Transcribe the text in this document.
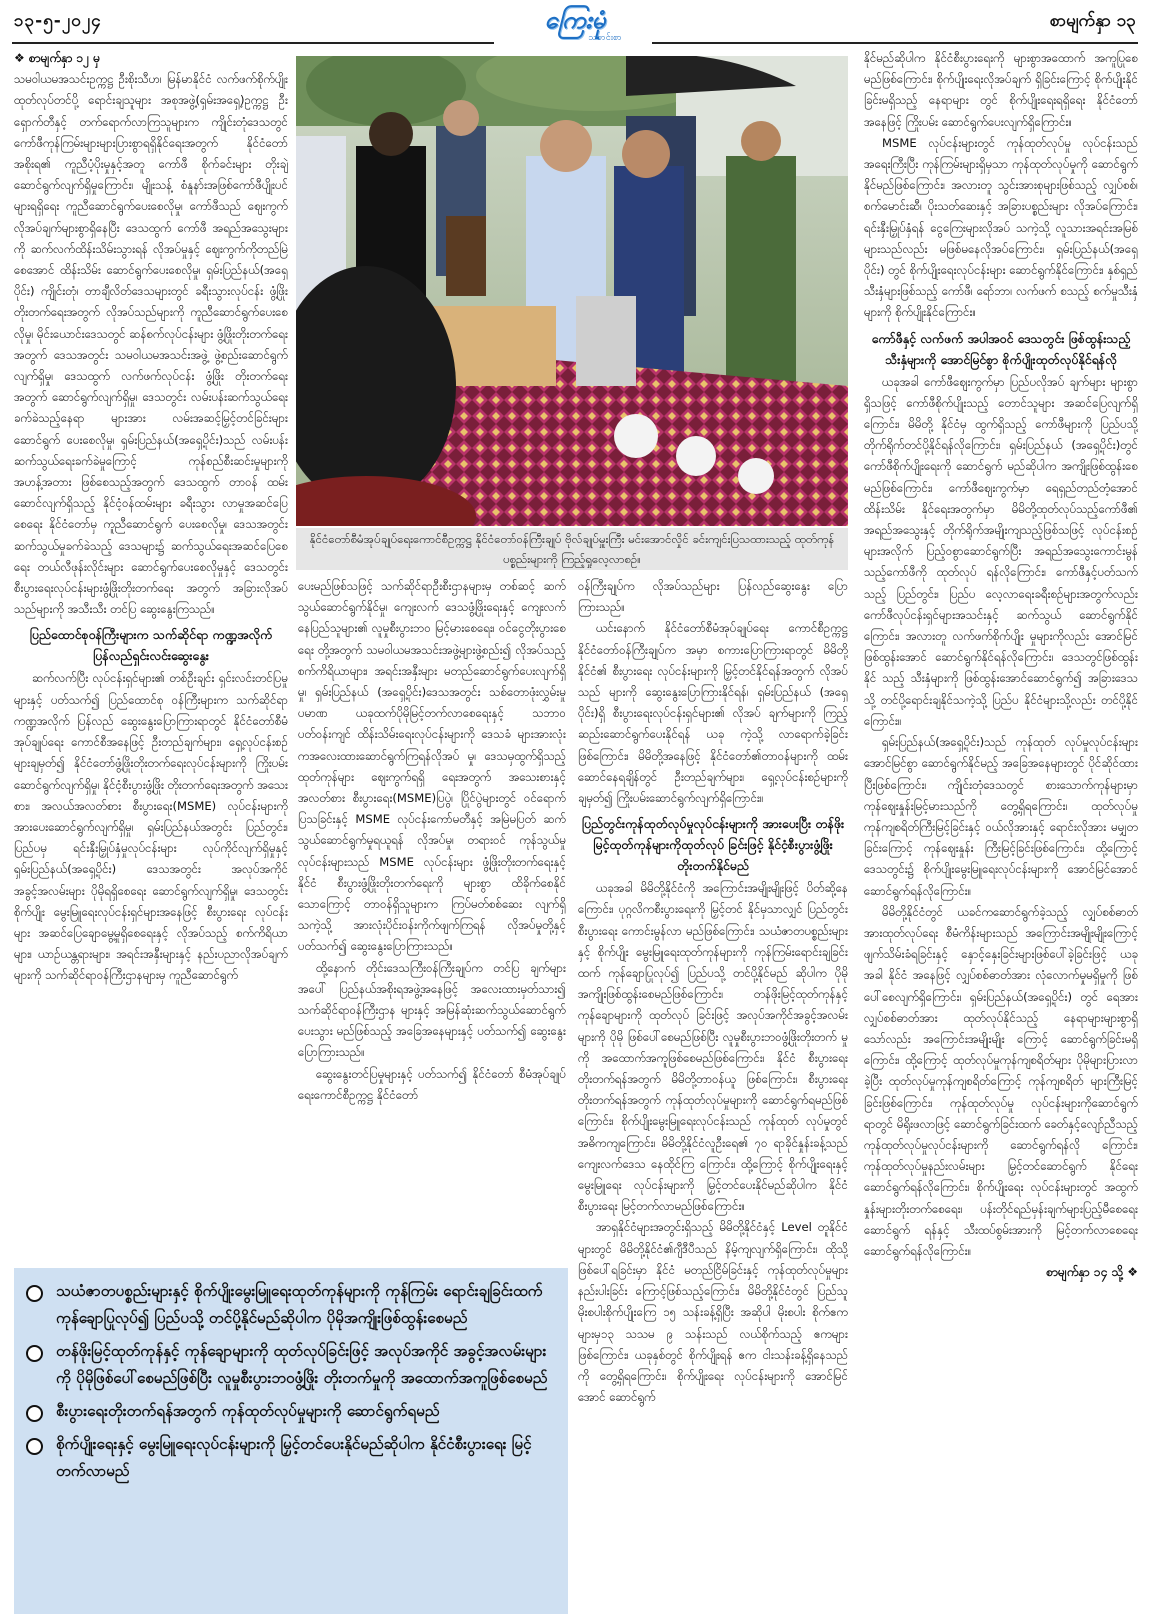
၁၃-၅-၂၀၂၄	ကြေးမုံ
သတင်းစာ
စာမျက်နှာ ၁၃
❖ စာမျက်နှာ ၁၂ မှ

သမဝါယမအသင်းဥက္ကဋ္ဌ ဦးစိုးသီဟ၊ မြန်မာနိုင်ငံ လက်ဖက်စိုက်ပျိုးထုတ်လုပ်တင်ပို့ ရောင်းချသူများ အစုအဖွဲ့(ရှမ်းအရှေ့)ဥက္ကဋ္ဌ ဦးရှောက်တီနှင့် တက်ရောက်လာကြသူများက ကျိုင်းတုံဒေသတွင် ကော်ဖီကုန်ကြမ်းများများပြားစွာရရှိနိုင်ရေးအတွက် နိုင်ငံတော်အစိုးရ၏ ကူညီပံ့ပိုးမှုနှင့်အတူ ကော်ဖီ စိုက်ခင်းများ တိုးချဲ့ဆောင်ရွက်လျက်ရှိမှုကြောင်း၊ မျိုးသန့် စံနူနာ်းအဖြစ်ကော်ဖီပျိုးပင်များရရှိရေး ကူညီဆောင်ရွက်ပေးစေလိုမှု၊ ကော်ဖီသည် ဈေးကွက် လိုအပ်ချက်များစွာရှိနေပြီး ဒေသထွက် ကော်ဖီ အရည်အသွေးများကို ဆက်လက်ထိန်းသိမ်းသွားရန် လိုအပ်မှုနှင့် ဈေးကွက်ကိုတည်မြဲစေအောင် ထိန်းသိမ်း ဆောင်ရွက်ပေးစေလိုမှု၊ ရှမ်းပြည်နယ်(အရှေ့ပိုင်း) ကျိုင်းတုံ၊ တာချီလိတ်ဒေသများတွင် ခရီးသွားလုပ်ငန်း ဖွံ့ဖြိုးတိုးတက်ရေးအတွက် လိုအပ်သည်များကို ကူညီဆောင်ရွက်ပေးစေလိုမှု၊ မိုင်းယောင်းဒေသတွင် ဆန်စက်လုပ်ငန်းများ ဖွံ့ဖြိုးတိုးတက်ရေးအတွက် ဒေသအတွင်း သမဝါယမအသင်းအဖွဲ့ ဖွဲ့စည်းဆောင်ရွက်လျက်ရှိမှု၊ ဒေသထွက် လက်ဖက်လုပ်ငန်း ဖွံ့ဖြိုး တိုးတက်ရေးအတွက် ဆောင်ရွက်လျက်ရှိမှု၊ ဒေသတွင်း လမ်းပန်းဆက်သွယ်ရေး ခက်ခဲသည့်နေရာ များအား လမ်းအဆင့်မြှင့်တင်ခြင်းများ ဆောင်ရွက် ပေးစေလိုမှု၊ ရှမ်းပြည်နယ်(အရှေ့ပိုင်း)သည် လမ်းပန်း ဆက်သွယ်ရေးခက်ခဲမှုကြောင့် ကုန်စည်စီးဆင်းမှုများကို အဟန့်အတား ဖြစ်စေသည့်အတွက် ဒေသထွက် တာဝန် ထမ်းဆောင်လျက်ရှိသည့် နိုင်ငံ့ဝန်ထမ်းများ ခရီးသွား လာမှုအဆင်ပြေစေရေး နိုင်ငံတော်မှ ကူညီဆောင်ရွက် ပေးစေလိုမှု၊ ဒေသအတွင်း ဆက်သွယ်မှုခက်ခဲသည့် ဒေသများ၌ ဆက်သွယ်ရေးအဆင်ပြေစေရေး တယ်လီဖုန်းလိုင်းများ ဆောင်ရွက်ပေးစေလိုမှုနှင့် ဒေသတွင်း စီးပွားရေးလုပ်ငန်းများဖွံ့ဖြိုးတိုးတက်ရေး အတွက် အခြားလိုအပ်သည်များကို အသီးသီး တင်ပြ ဆွေးနွေးကြသည်။

ပြည်ထောင်စုဝန်ကြီးများက သက်ဆိုင်ရာ ကဏ္ဍအလိုက် ပြန်လည်ရှင်းလင်းဆွေးနွေး

ဆက်လက်ပြီး လုပ်ငန်းရှင်များ၏ တစ်ဦးချင်း ရှင်းလင်းတင်ပြမှုများနှင့် ပတ်သက်၍ ပြည်ထောင်စု ဝန်ကြီးများက သက်ဆိုင်ရာကဏ္ဍအလိုက် ပြန်လည် ဆွေးနွေးပြောကြားရာတွင် နိုင်ငံတော်စီမံအုပ်ချုပ်ရေး ကောင်စီအနေဖြင့် ဦးတည်ချက်များ၊ ရှေ့လုပ်ငန်းစဉ် များချမှတ်၍ နိုင်ငံတော်ဖွံ့ဖြိုးတိုးတက်ရေးလုပ်ငန်းများကို ကြိုးပမ်းဆောင်ရွက်လျက်ရှိမှု၊ နိုင်ငံ့စီးပွားဖွံ့ဖြိုး တိုးတက်ရေးအတွက် အသေးစား၊ အလယ်အလတ်စား စီးပွားရေး(MSME) လုပ်ငန်းများကို အားပေးဆောင်ရွက်လျက်ရှိမှု၊ ရှမ်းပြည်နယ်အတွင်း ပြည်တွင်း၊ ပြည်ပမှ ရင်းနှီးမြှုပ်နှံမှုလုပ်ငန်းများ လုပ်ကိုင်လျက်ရှိမှုနှင့် ရှမ်းပြည်နယ်(အရှေ့ပိုင်း) ဒေသအတွင်း အလုပ်အကိုင်အခွင့်အလမ်းများ ပိုမိုရရှိစေရေး ဆောင်ရွက်လျက်ရှိမှု၊ ဒေသတွင်း စိုက်ပျိုး မွေးမြူရေးလုပ်ငန်းရှင်များအနေဖြင့် စီးပွားရေး လုပ်ငန်းများ အဆင်ပြေချောမွေ့မှုရှိစေရေးနှင့် လိုအပ်သည့် စက်ကိရိယာများ၊ ယာဉ်ယန္တရားများ၊ အရင်းအနှီးများနှင့် နည်းပညာလိုအပ်ချက်များကို သက်ဆိုင်ရာဝန်ကြီးဌာနများမှ ကူညီဆောင်ရွက်

နိုင်ငံတော်စီမံအုပ်ချုပ်ရေးကောင်စီဥက္ကဋ္ဌ နိုင်ငံတော်ဝန်ကြီးချုပ် ဗိုလ်ချုပ်မှူးကြီး မင်းအောင်လှိုင် ခင်းကျင်းပြသထားသည့် ထုတ်ကုန်ပစ္စည်းများကို ကြည့်ရှုလေ့လာစဉ်။

ပေးမည်ဖြစ်သဖြင့် သက်ဆိုင်ရာဦးစီးဌာနများမှ တစ်ဆင့် ဆက်သွယ်ဆောင်ရွက်နိုင်မှု၊ ကျေးလက် ဒေသဖွံ့ဖြိုးရေးနှင့် ကျေးလက်နေပြည်သူများ၏ လူမှုစီးပွားဘဝ မြင့်မားစေရေး၊ ဝင်ငွေတိုးပွားစေရေး တို့အတွက် သမဝါယမအသင်းအဖွဲ့များဖွဲ့စည်း၍ လိုအပ်သည့် စက်ကိရိယာများ၊ အရင်းအနှီးများ မတည်ဆောင်ရွက်ပေးလျက်ရှိမှု၊ ရှမ်းပြည်နယ် (အရှေ့ပိုင်း)ဒေသအတွင်း သစ်တောဖုံးလွှမ်းမှုပမာဏ ယခုထက်ပိုမိုမြင့်တက်လာစေရေးနှင့် သဘာဝ ပတ်ဝန်းကျင် ထိန်းသိမ်းရေးလုပ်ငန်းများကို ဒေသခံ များအားလုံးကအလေးထားဆောင်ရွက်ကြရန်လိုအပ် မှု၊ ဒေသမှထွက်ရှိသည့်ထုတ်ကုန်များ ဈေးကွက်ရရှိ ရေးအတွက် အသေးစားနှင့် အလတ်စား စီးပွားရေး(MSME)ပြပွဲ၊ ပြိုင်ပွဲများတွင် ဝင်ရောက် ပြသခြင်းနှင့် MSME လုပ်ငန်းကော်မတီနှင့် အမြဲမပြတ် ဆက်သွယ်ဆောင်ရွက်မှုရယူရန် လိုအပ်မှု၊ တရားဝင် ကုန်သွယ်မှုလုပ်ငန်းများသည် MSME လုပ်ငန်းများ ဖွံ့ဖြိုးတိုးတက်ရေးနှင့် နိုင်ငံ စီးပွားဖွံ့ဖြိုးတိုးတက်ရေးကို များစွာ ထိခိုက်စေနိုင် သောကြောင့် တာဝန်ရှိသူများက ကြပ်မတ်စစ်ဆေး လျက်ရှိသကဲ့သို့ အားလုံးပိုင်းဝန်းကိုက်ဖျက်ကြရန် လိုအပ်မှုတို့နှင့် ပတ်သက်၍ ဆွေးနွေးပြောကြားသည်။

ထို့နောက် တိုင်းဒေသကြီးဝန်ကြီးချုပ်က တင်ပြ ချက်များအပေါ် ပြည်နယ်အစိုးရအဖွဲ့အနေဖြင့် အလေးထားမှတ်သား၍ သက်ဆိုင်ရာဝန်ကြီးဌာန များနှင့် အမြန်ဆုံးဆက်သွယ်ဆောင်ရွက်ပေးသွား မည်ဖြစ်သည့် အခြေအနေများနှင့် ပတ်သက်၍ ဆွေးနွေးပြောကြားသည်။

ဆွေးနွေးတင်ပြမှုများနှင့် ပတ်သက်၍ နိုင်ငံတော် စီမံအုပ်ချုပ်ရေးကောင်စီဥက္ကဋ္ဌ နိုင်ငံတော်

ဝန်ကြီးချုပ်က လိုအပ်သည်များ ပြန်လည်ဆွေးနွေး ပြောကြားသည်။

ယင်းနောက် နိုင်ငံတော်စီမံအုပ်ချုပ်ရေး ကောင်စီဥက္ကဋ္ဌ နိုင်ငံတော်ဝန်ကြီးချုပ်က အမှာ စကားပြောကြားရာတွင် မိမိတို့နိုင်ငံ၏ စီးပွားရေး လုပ်ငန်းများကို မြှင့်တင်နိုင်ရန်အတွက် လိုအပ်သည် များကို ဆွေးနွေးပြောကြားနိုင်ရန်၊ ရှမ်းပြည်နယ် (အရှေ့ပိုင်း)ရှိ စီးပွားရေးလုပ်ငန်းရှင်များ၏ လိုအပ် ချက်များကို ကြည့်ဆည်းဆောင်ရွက်ပေးနိုင်ရန် ယခု ကဲ့သို့ လာရောက်ခဲ့ခြင်းဖြစ်ကြောင်း၊ မိမိတို့အနေဖြင့် နိုင်ငံတော်၏တာဝန်များကို ထမ်းဆောင်နေရချိန်တွင် ဦးတည်ချက်များ၊ ရှေ့လုပ်ငန်းစဉ်များကိုချမှတ်၍ ကြိုးပမ်းဆောင်ရွက်လျက်ရှိကြောင်း။

ပြည်တွင်းကုန်ထုတ်လုပ်မှုလုပ်ငန်းများကို အားပေးပြီး တန်ဖိုးမြင့်ထုတ်ကုန်များကိုထုတ်လုပ် ခြင်းဖြင့် နိုင်ငံ့စီးပွားဖွံ့ဖြိုးတိုးတက်နိုင်မည်

ယခုအခါ မိမိတို့နိုင်ငံကို အကြောင်းအမျိုးမျိုးဖြင့် ပိတ်ဆို့နေကြောင်း၊ ပုဂ္ဂလိကစီးပွားရေးကို မြှင့်တင် နိုင်မှသာလျှင် ပြည်တွင်းစီးပွားရေး ကောင်းမွန်လာ မည်ဖြစ်ကြောင်း၊ သယံဇာတပစ္စည်းများနှင့် စိုက်ပျိုး မွေးမြူရေးထုတ်ကုန်များကို ကုန်ကြမ်းရောင်းချခြင်း ထက် ကုန်ချောပြုလုပ်၍ ပြည်ပသို့ တင်ပို့နိုင်မည် ဆိုပါက ပိုမိုအကျိုးဖြစ်ထွန်းစေမည်ဖြစ်ကြောင်း၊ တန်ဖိုးမြင့်ထုတ်ကုန်နှင့် ကုန်ချောများကို ထုတ်လုပ် ခြင်းဖြင့် အလုပ်အကိုင်အခွင့်အလမ်းများကို ပိုမို ဖြစ်ပေါ်စေမည်ဖြစ်ပြီး လူမှုစီးပွားဘဝဖွံ့ဖြိုးတိုးတက် မှုကို အထောက်အကူဖြစ်စေမည်ဖြစ်ကြောင်း၊ နိုင်ငံ စီးပွားရေးတိုးတက်ရန်အတွက် မိမိတို့တာဝန်ယူ ဖြစ်ကြောင်း၊ စီးပွားရေးတိုးတက်ရန်အတွက် ကုန်ထုတ်လုပ်မှုများကို ဆောင်ရွက်ရမည်ဖြစ် ကြောင်း၊ စိုက်ပျိုးမွေးမြူရေးလုပ်ငန်းသည် ကုန်ထုတ် လုပ်မှုတွင် အဓိကကျကြောင်း၊ မိမိတို့နိုင်ငံလူဦးရေ၏ ၇၀ ရာခိုင်နှုန်းခန့်သည် ကျေးလက်ဒေသ နေထိုင်ကြ ကြောင်း၊ ထို့ကြောင့် စိုက်ပျိုးရေးနှင့် မွေးမြူရေး လုပ်ငန်းများကို မြှင့်တင်ပေးနိုင်မည်ဆိုပါက နိုင်ငံ စီးပွားရေး မြင့်တက်လာမည်ဖြစ်ကြောင်း။

အာရှနိုင်ငံများအတွင်းရှိသည့် မိမိတို့နိုင်ငံနှင့် Level တူနိုင်ငံများတွင် မိမိတို့နိုင်ငံ၏ဂျီဒီပီသည် နိမ့်ကျလျက်ရှိကြောင်း၊ ထိုသို့ဖြစ်ပေါ်ရခြင်းမှာ နိုင်ငံ မတည်ငြိမ်ခြင်းနှင့် ကုန်ထုတ်လုပ်မှုများနည်းပါးခြင်း ကြောင့်ဖြစ်သည့်ကြောင်း၊ မိမိတို့နိုင်ငံတွင် ပြည်သူ မိုးစပါးစိုက်ပျိုးကြေ ၁၅ သန်းခန့်ရှိပြီး အဆိုပါ မိုးစပါး စိုက်ဧကများမှ၁၃ သသမ ၉ သန်းသည် လယ်စိုက်သည့် ဧကများဖြစ်ကြောင်း၊ ယခုနှစ်တွင် စိုက်ပျိုးရန် ဧက ငါးသန်းခန့်ရှိနေသည်ကို တွေ့ရှိရကြောင်း၊ စိုက်ပျိုးရေး လုပ်ငန်းများကို အောင်မြင်အောင် ဆောင်ရွက်

နိုင်မည်ဆိုပါက နိုင်ငံစီးပွားရေးကို များစွာအထောက် အကူပြုစေမည်ဖြစ်ကြောင်း၊ စိုက်ပျိုးရေးလိုအပ်ချက် ရှိခြင်းကြောင့် စိုက်ပျိုးနိုင်ခြင်းမရှိသည့် နေရာများ တွင် စိုက်ပျိုးရေးရရှိရေး နိုင်ငံတော်အနေဖြင့် ကြိုးပမ်း ဆောင်ရွက်ပေးလျက်ရှိကြောင်း။

MSME လုပ်ငန်းများတွင် ကုန်ထုတ်လုပ်မှု လုပ်ငန်းသည် အရေးကြီးပြီး ကုန်ကြမ်းများရှိမှသာ ကုန်ထုတ်လုပ်မှုကို ဆောင်ရွက်နိုင်မည်ဖြစ်ကြောင်း၊ အလားတူ သွင်းအားစုများဖြစ်သည့် လျှပ်စစ်၊ စက်မောင်းဆီ၊ ပိုးသတ်ဆေးနှင့် အခြားပစ္စည်းများ လိုအပ်ကြောင်း၊ ရင်းနှီးမြှုပ်နှံရန် ငွေကြေးများလိုအပ် သကဲ့သို့ လူသားအရင်းအမြစ်များသည်လည်း မဖြစ်မနေလိုအပ်ကြောင်း၊ ရှမ်းပြည်နယ်(အရှေ့ပိုင်း) တွင် စိုက်ပျိုးရေးလုပ်ငန်းများ ဆောင်ရွက်နိုင်ကြောင်း၊ နှစ်ရှည်သီးနှံများဖြစ်သည့် ကော်ဖီ၊ ရော်ဘာ၊ လက်ဖက် စသည့် စက်မှုသီးနှံများကို စိုက်ပျိုးနိုင်ကြောင်း။

ကော်ဖီနှင့် လက်ဖက် အပါအဝင် ဒေသတွင်း ဖြစ်ထွန်းသည့်သီးနှံများကို အောင်မြင်စွာ စိုက်ပျိုးထုတ်လုပ်နိုင်ရန်လို

ယခုအခါ ကော်ဖီဈေးကွက်မှာ ပြည်ပလိုအပ် ချက်များ များစွာရှိသဖြင့် ကော်ဖီစိုက်ပျိုးသည့် တောင်သူများ အဆင်ပြေလျက်ရှိကြောင်း၊ မိမိတို့ နိုင်ငံမှ ထွက်ရှိသည့် ကော်ဖီများကို ပြည်ပသို့ တိုက်ရိုက်တင်ပို့နိုင်ရန်လိုကြောင်း၊ ရှမ်းပြည်နယ် (အရှေ့ပိုင်း)တွင် ကော်ဖီစိုက်ပျိုးရေးကို ဆောင်ရွက် မည်ဆိုပါက အကျိုးဖြစ်ထွန်းစေမည်ဖြစ်ကြောင်း၊ ကော်ဖီဈေးကွက်မှာ ရေရှည်တည်တံ့အောင် ထိန်းသိမ်း နိုင်ရေးအတွက်မှာ မိမိတို့ထုတ်လုပ်သည့်ကော်ဖီ၏ အရည်အသွေးနှင့် တိုက်ရိုက်အမျိုးကျသည့်ဖြစ်သဖြင့် လုပ်ငန်းစဉ်များအလိုက် ပြည့်ဝစွာဆောင်ရွက်ပြီး အရည်အသွေးကောင်းမွန်သည့်ကော်ဖီကို ထုတ်လုပ် ရန်လိုကြောင်း၊ ကော်ဖီနှင့်ပတ်သက်သည့် ပြည်တွင်း၊ ပြည်ပ လေ့လာရေးခရီးစဉ်များအတွက်လည်း ကော်ဖီလုပ်ငန်းရှင်များအသင်းနှင့် ဆက်သွယ် ဆောင်ရွက်နိုင်ကြောင်း၊ အလားတူ လက်ဖက်စိုက်ပျိုး မှုများကိုလည်း အောင်မြင်ဖြစ်ထွန်းအောင် ဆောင်ရွက်နိုင်ရန်လိုကြောင်း၊ ဒေသတွင်ဖြစ်ထွန်းနိုင် သည့် သီးနှံများကို ဖြစ်ထွန်းအောင်ဆောင်ရွက်၍ အခြားဒေသသို့ တင်ပို့ရောင်းချနိုင်သကဲ့သို့ ပြည်ပ နိုင်ငံများသို့လည်း တင်ပို့နိုင်ကြောင်း။

ရှမ်းပြည်နယ်(အရှေ့ပိုင်း)သည် ကုန်ထုတ် လုပ်မှုလုပ်ငန်းများ အောင်မြင်စွာ ဆောင်ရွက်နိုင်မည့် အခြေအနေများတွင် ပိုင်ဆိုင်ထားပြီးဖြစ်ကြောင်း၊ ကျိုင်းတုံဒေသတွင် စားသောက်ကုန်များမှာ ကုန်ဈေးနှုန်းမြင့်မားသည်ကို တွေ့ရှိရကြောင်း၊ ထုတ်လုပ်မှုကုန်ကျစရိတ်ကြီးမြင့်ခြင်းနှင့် ဝယ်လိုအားနှင့် ရောင်းလိုအား မမျှတခြင်းကြောင့် ကုန်ဈေးနှုန်း ကြီးမြင့်ခြင်းဖြစ်ကြောင်း၊ ထို့ကြောင့် ဒေသတွင်း၌ စိုက်ပျိုးမွေးမြူရေးလုပ်ငန်းများကို အောင်မြင်အောင် ဆောင်ရွက်ရန်လိုကြောင်း။

မိမိတို့နိုင်ငံတွင် ယခင်ကဆောင်ရွက်ခဲ့သည့် လျှပ်စစ်ဓာတ်အားထုတ်လုပ်ရေး စီမံကိန်းများသည် အကြောင်းအမျိုးမျိုးကြောင့် ဖျက်သိမ်းခံရခြင်းနှင့် နှောင့်နှေးခြင်းများဖြစ်ပေါ်ခဲ့ခြင်းဖြင့် ယခုအခါ နိုင်ငံ အနေဖြင့် လျှပ်စစ်ဓာတ်အား လုံလောက်မှုမရှိမှုကို ဖြစ်ပေါ်စေလျက်ရှိကြောင်း၊ ရှမ်းပြည်နယ်(အရှေ့ပိုင်း) တွင် ရေအားလျှပ်စစ်ဓာတ်အား ထုတ်လုပ်နိုင်သည့် နေရာများများစွာရှိသော်လည်း အကြောင်းအမျိုးမျိုး ကြောင့် ဆောင်ရွက်ခြင်းမရှိကြောင်း၊ ထို့ကြောင့် ထုတ်လုပ်မှုကုန်ကျစရိတ်များ ပိုမိုများပြားလာခဲ့ပြီး ထုတ်လုပ်မှုကုန်ကျစရိတ်ကြောင့် ကုန်ကျစရိတ် များကြီးမြင့်ခြင်းဖြစ်ကြောင်း၊ ကုန်ထုတ်လုပ်မှု လုပ်ငန်းများကိုဆောင်ရွက်ရာတွင် မိရိုးဖလာဖြင့် ဆောင်ရွက်ခြင်းထက် ခေတ်နှင့်လျော်ညီသည့် ကုန်ထုတ်လုပ်မှုလုပ်ငန်းများကို ဆောင်ရွက်ရန်လို ကြောင်း၊ ကုန်ထုတ်လုပ်မှုနည်းလမ်းများ မြှင့်တင်ဆောင်ရွက် နိုင်ရေး ဆောင်ရွက်ရန်လိုကြောင်း၊ စိုက်ပျိုးရေး လုပ်ငန်းများတွင် အထွက်နှုန်းများတိုးတက်စေရေး၊ ပန်းတိုင်ရည်မှန်းချက်များပြည့်မီစေရေး ဆောင်ရွက် ရန်နှင့် သီးထပ်စွမ်းအားကို မြင့်တက်လာစေရေး ဆောင်ရွက်ရန်လိုကြောင်း။

စာမျက်နှာ ၁၄ သို့ ❖
သယံဇာတပစ္စည်းများနှင့် စိုက်ပျိုးမွေးမြူရေးထုတ်ကုန်များကို ကုန်ကြမ်း ရောင်းချခြင်းထက် ကုန်ချောပြုလုပ်၍ ပြည်ပသို့ တင်ပို့နိုင်မည်ဆိုပါက ပိုမိုအကျိုးဖြစ်ထွန်းစေမည်
တန်ဖိုးမြင့်ထုတ်ကုန်နှင့် ကုန်ချောများကို ထုတ်လုပ်ခြင်းဖြင့် အလုပ်အကိုင် အခွင့်အလမ်းများကို ပိုမိုဖြစ်ပေါ်စေမည်ဖြစ်ပြီး လူမှုစီးပွားဘဝဖွံ့ဖြိုး တိုးတက်မှုကို အထောက်အကူဖြစ်စေမည်
စီးပွားရေးတိုးတက်ရန်အတွက် ကုန်ထုတ်လုပ်မှုများကို ဆောင်ရွက်ရမည်
စိုက်ပျိုးရေးနှင့် မွေးမြူရေးလုပ်ငန်းများကို မြှင့်တင်ပေးနိုင်မည်ဆိုပါက နိုင်ငံစီးပွားရေး မြင့်တက်လာမည်
